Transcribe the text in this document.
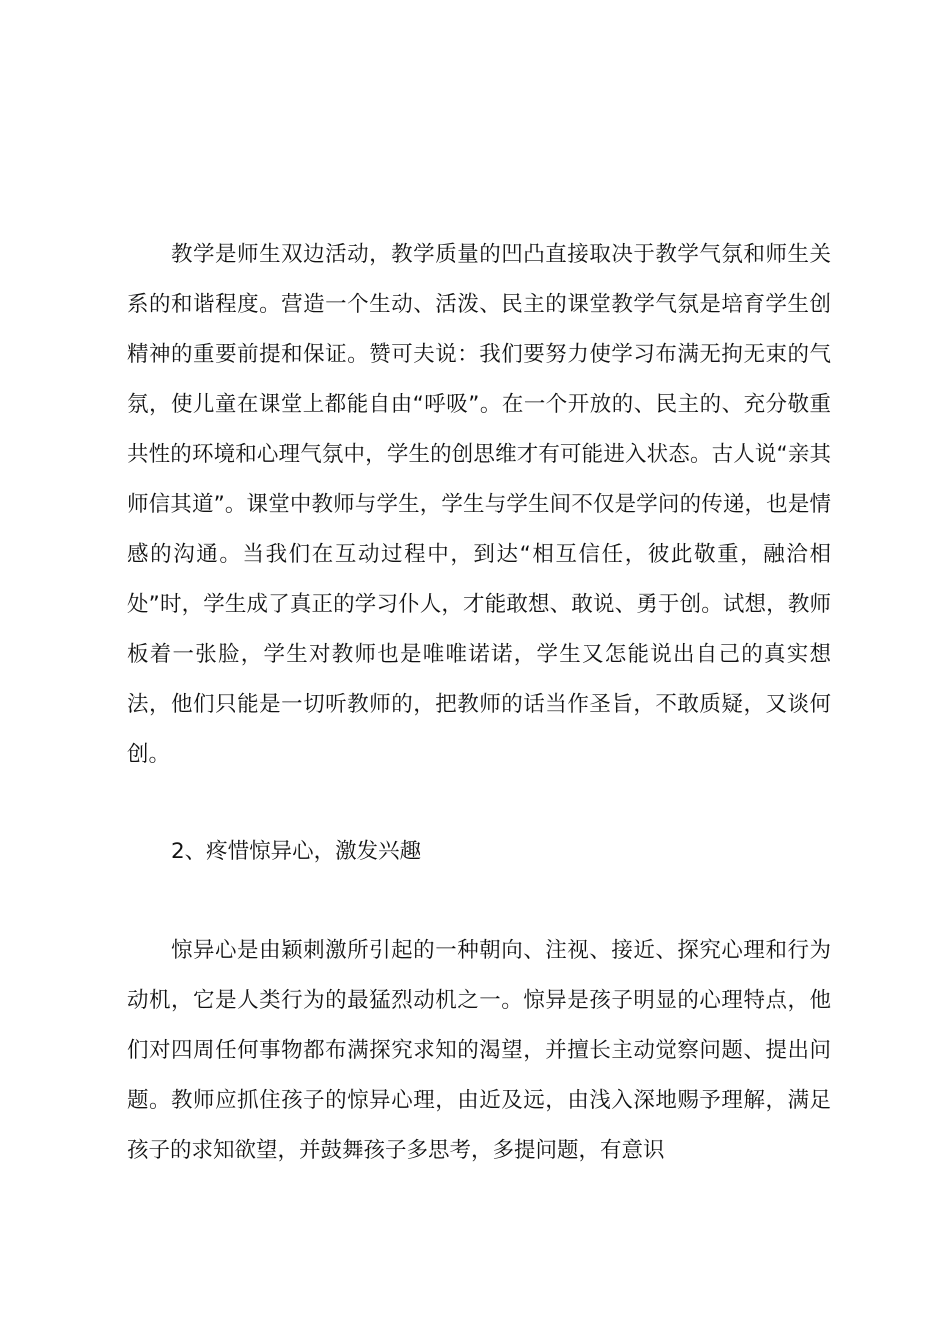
教学是师生双边活动，教学质量的凹凸直接取决于教学气氛和师生关系的和谐程度。营造一个生动、活泼、民主的课堂教学气氛是培育学生创精神的重要前提和保证。赞可夫说：我们要努力使学习布满无拘无束的气氛，使儿童在课堂上都能自由“呼吸”。在一个开放的、民主的、充分敬重共性的环境和心理气氛中，学生的创思维才有可能进入状态。古人说“亲其师信其道”。课堂中教师与学生，学生与学生间不仅是学问的传递，也是情感的沟通。当我们在互动过程中，到达“相互信任，彼此敬重，融洽相处”时，学生成了真正的学习仆人，才能敢想、敢说、勇于创。试想，教师板着一张脸，学生对教师也是唯唯诺诺，学生又怎能说出自己的真实想法，他们只能是一切听教师的，把教师的话当作圣旨，不敢质疑，又谈何创。

2、疼惜惊异心，激发兴趣

惊异心是由颖刺激所引起的一种朝向、注视、接近、探究心理和行为动机，它是人类行为的最猛烈动机之一。惊异是孩子明显的心理特点，他们对四周任何事物都布满探究求知的渴望，并擅长主动觉察问题、提出问题。教师应抓住孩子的惊异心理，由近及远，由浅入深地赐予理解，满足孩子的求知欲望，并鼓舞孩子多思考，多提问题，有意识
